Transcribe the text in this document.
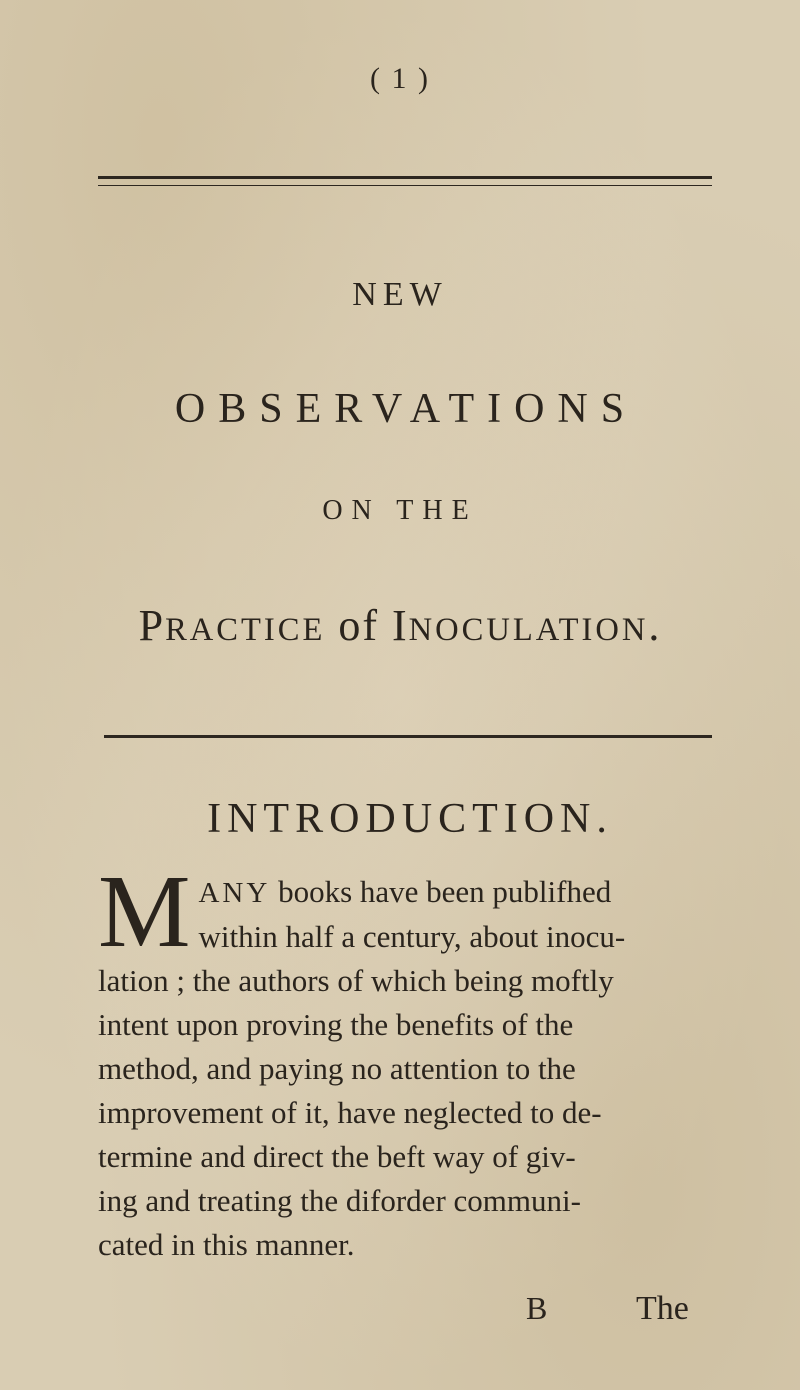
( 1 )
NEW
OBSERVATIONS
ON THE
PRACTICE of INOCULATION.
INTRODUCTION.
M ANY books have been publifhed
within half a century, about inocu-
lation ; the authors of which being moftly
intent upon proving the benefits of the
method, and paying no attention to the
improvement of it, have neglected to de-
termine and direct the beft way of giv-
ing and treating the diforder communi-
cated in this manner.
B	The
